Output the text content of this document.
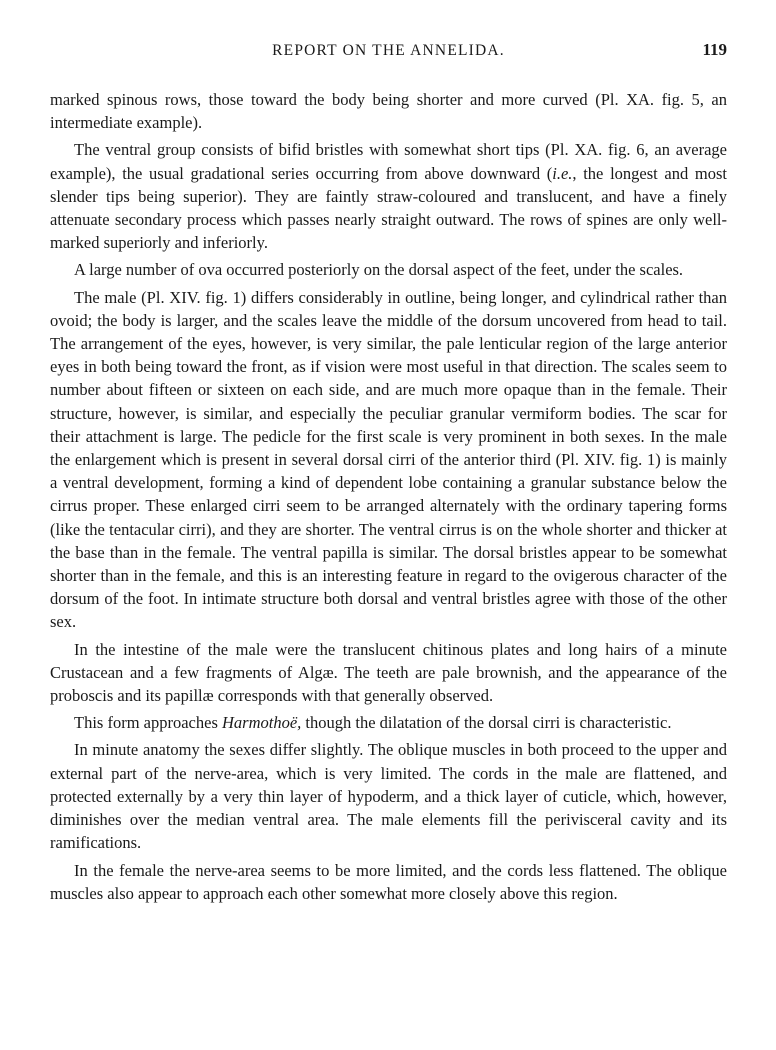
REPORT ON THE ANNELIDA.	119

marked spinous rows, those toward the body being shorter and more curved (Pl. XA. fig. 5, an intermediate example).

The ventral group consists of bifid bristles with somewhat short tips (Pl. XA. fig. 6, an average example), the usual gradational series occurring from above downward (i.e., the longest and most slender tips being superior). They are faintly straw-coloured and translucent, and have a finely attenuate secondary process which passes nearly straight outward. The rows of spines are only well-marked superiorly and inferiorly.

A large number of ova occurred posteriorly on the dorsal aspect of the feet, under the scales.

The male (Pl. XIV. fig. 1) differs considerably in outline, being longer, and cylindrical rather than ovoid; the body is larger, and the scales leave the middle of the dorsum uncovered from head to tail. The arrangement of the eyes, however, is very similar, the pale lenticular region of the large anterior eyes in both being toward the front, as if vision were most useful in that direction. The scales seem to number about fifteen or sixteen on each side, and are much more opaque than in the female. Their structure, however, is similar, and especially the peculiar granular vermiform bodies. The scar for their attachment is large. The pedicle for the first scale is very prominent in both sexes. In the male the enlargement which is present in several dorsal cirri of the anterior third (Pl. XIV. fig. 1) is mainly a ventral development, forming a kind of dependent lobe containing a granular substance below the cirrus proper. These enlarged cirri seem to be arranged alternately with the ordinary tapering forms (like the tentacular cirri), and they are shorter. The ventral cirrus is on the whole shorter and thicker at the base than in the female. The ventral papilla is similar. The dorsal bristles appear to be somewhat shorter than in the female, and this is an interesting feature in regard to the ovigerous character of the dorsum of the foot. In intimate structure both dorsal and ventral bristles agree with those of the other sex.

In the intestine of the male were the translucent chitinous plates and long hairs of a minute Crustacean and a few fragments of Algæ. The teeth are pale brownish, and the appearance of the proboscis and its papillæ corresponds with that generally observed.

This form approaches Harmothoë, though the dilatation of the dorsal cirri is characteristic.

In minute anatomy the sexes differ slightly. The oblique muscles in both proceed to the upper and external part of the nerve-area, which is very limited. The cords in the male are flattened, and protected externally by a very thin layer of hypoderm, and a thick layer of cuticle, which, however, diminishes over the median ventral area. The male elements fill the perivisceral cavity and its ramifications.

In the female the nerve-area seems to be more limited, and the cords less flattened. The oblique muscles also appear to approach each other somewhat more closely above this region.
